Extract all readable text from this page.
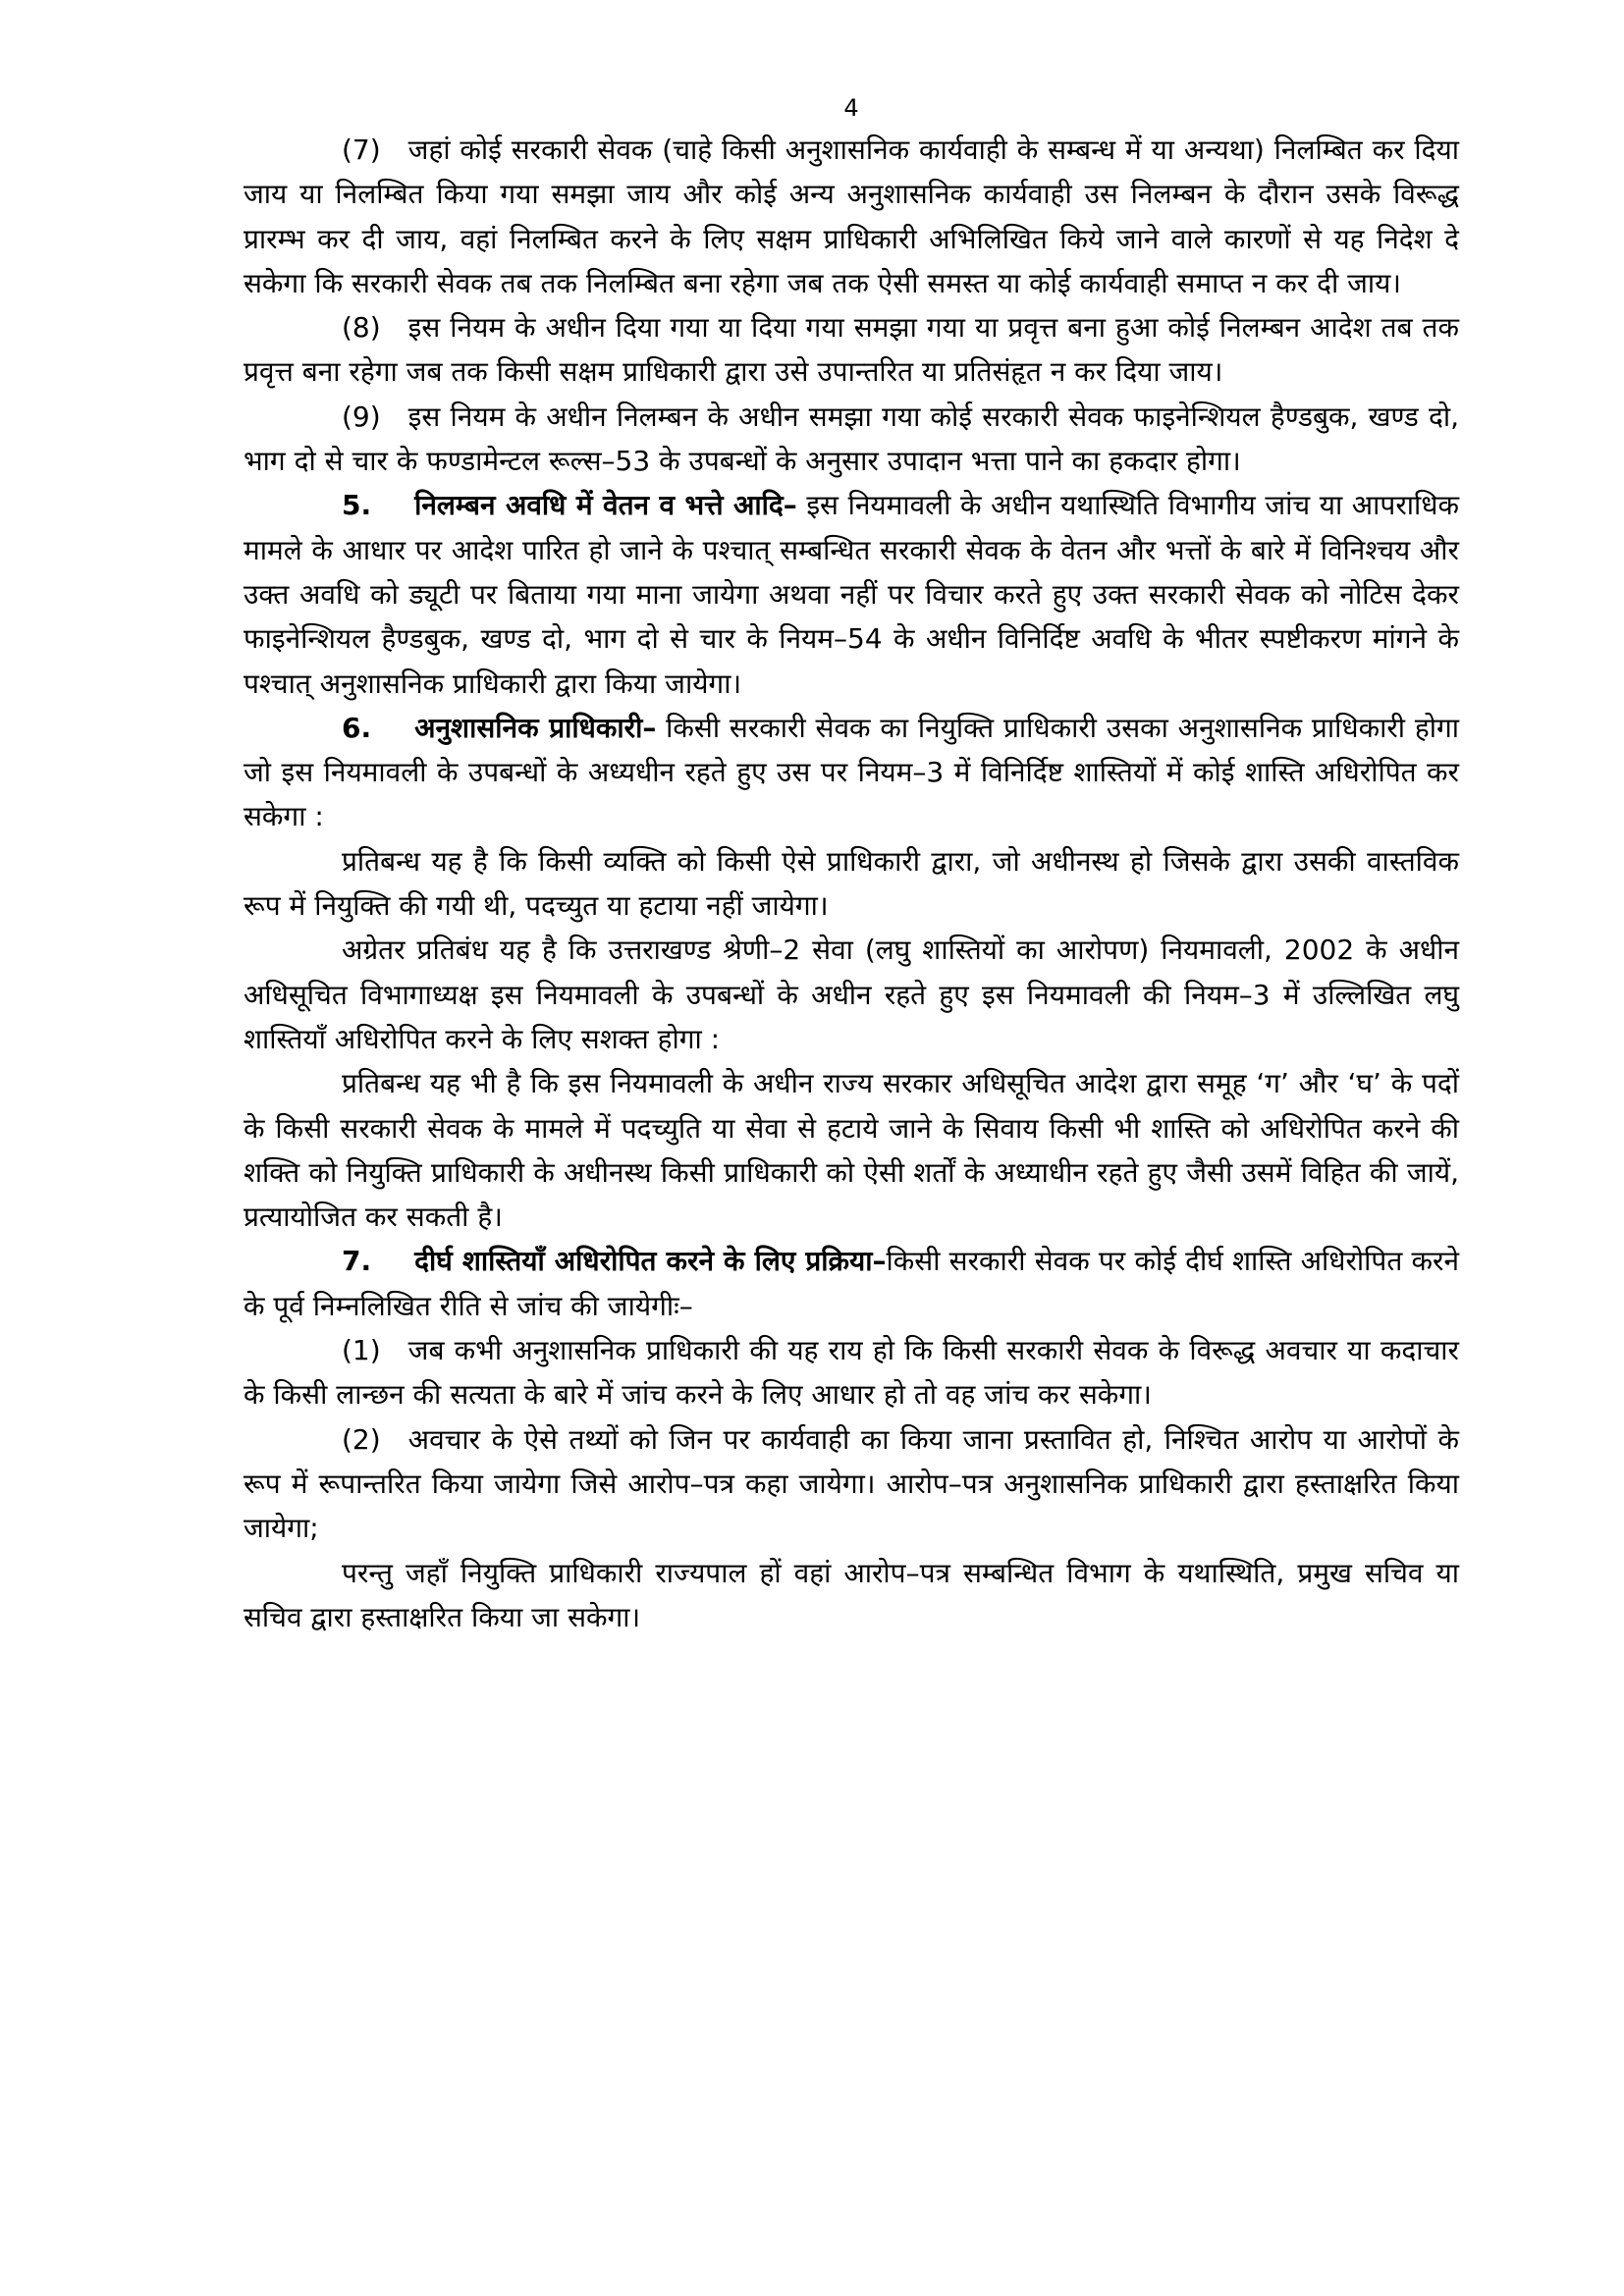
4

(7) जहां कोई सरकारी सेवक (चाहे किसी अनुशासनिक कार्यवाही के सम्बन्ध में या अन्यथा) निलम्बित कर दिया जाय या निलम्बित किया गया समझा जाय और कोई अन्य अनुशासनिक कार्यवाही उस निलम्बन के दौरान उसके विरूद्ध प्रारम्भ कर दी जाय, वहां निलम्बित करने के लिए सक्षम प्राधिकारी अभिलिखित किये जाने वाले कारणों से यह निदेश दे सकेगा कि सरकारी सेवक तब तक निलम्बित बना रहेगा जब तक ऐसी समस्त या कोई कार्यवाही समाप्त न कर दी जाय।

(8) इस नियम के अधीन दिया गया या दिया गया समझा गया या प्रवृत्त बना हुआ कोई निलम्बन आदेश तब तक प्रवृत्त बना रहेगा जब तक किसी सक्षम प्राधिकारी द्वारा उसे उपान्तरित या प्रतिसंहृत न कर दिया जाय।

(9) इस नियम के अधीन निलम्बन के अधीन समझा गया कोई सरकारी सेवक फाइनेन्शियल हैण्डबुक, खण्ड दो, भाग दो से चार के फण्डामेन्टल रूल्स–53 के उपबन्धों के अनुसार उपादान भत्ता पाने का हकदार होगा।

5. निलम्बन अवधि में वेतन व भत्ते आदि– इस नियमावली के अधीन यथास्थिति विभागीय जांच या आपराधिक मामले के आधार पर आदेश पारित हो जाने के पश्चात् सम्बन्धित सरकारी सेवक के वेतन और भत्तों के बारे में विनिश्चय और उक्त अवधि को ड्यूटी पर बिताया गया माना जायेगा अथवा नहीं पर विचार करते हुए उक्त सरकारी सेवक को नोटिस देकर फाइनेन्शियल हैण्डबुक, खण्ड दो, भाग दो से चार के नियम–54 के अधीन विनिर्दिष्ट अवधि के भीतर स्पष्टीकरण मांगने के पश्चात् अनुशासनिक प्राधिकारी द्वारा किया जायेगा।

6. अनुशासनिक प्राधिकारी– किसी सरकारी सेवक का नियुक्ति प्राधिकारी उसका अनुशासनिक प्राधिकारी होगा जो इस नियमावली के उपबन्धों के अध्यधीन रहते हुए उस पर नियम–3 में विनिर्दिष्ट शास्तियों में कोई शास्ति अधिरोपित कर सकेगा :

प्रतिबन्ध यह है कि किसी व्यक्ति को किसी ऐसे प्राधिकारी द्वारा, जो अधीनस्थ हो जिसके द्वारा उसकी वास्तविक रूप में नियुक्ति की गयी थी, पदच्युत या हटाया नहीं जायेगा।

अग्रेतर प्रतिबंध यह है कि उत्तराखण्ड श्रेणी–2 सेवा (लघु शास्तियों का आरोपण) नियमावली, 2002 के अधीन अधिसूचित विभागाध्यक्ष इस नियमावली के उपबन्धों के अधीन रहते हुए इस नियमावली की नियम–3 में उल्लिखित लघु शास्तियाँ अधिरोपित करने के लिए सशक्त होगा :

प्रतिबन्ध यह भी है कि इस नियमावली के अधीन राज्य सरकार अधिसूचित आदेश द्वारा समूह ‘ग’ और ‘घ’ के पदों के किसी सरकारी सेवक के मामले में पदच्युति या सेवा से हटाये जाने के सिवाय किसी भी शास्ति को अधिरोपित करने की शक्ति को नियुक्ति प्राधिकारी के अधीनस्थ किसी प्राधिकारी को ऐसी शर्तों के अध्याधीन रहते हुए जैसी उसमें विहित की जायें, प्रत्यायोजित कर सकती है।

7. दीर्घ शास्तियाँ अधिरोपित करने के लिए प्रक्रिया–किसी सरकारी सेवक पर कोई दीर्घ शास्ति अधिरोपित करने के पूर्व निम्नलिखित रीति से जांच की जायेगीः–

(1) जब कभी अनुशासनिक प्राधिकारी की यह राय हो कि किसी सरकारी सेवक के विरूद्ध अवचार या कदाचार के किसी लान्छन की सत्यता के बारे में जांच करने के लिए आधार हो तो वह जांच कर सकेगा।

(2) अवचार के ऐसे तथ्यों को जिन पर कार्यवाही का किया जाना प्रस्तावित हो, निश्चित आरोप या आरोपों के रूप में रूपान्तरित किया जायेगा जिसे आरोप–पत्र कहा जायेगा। आरोप–पत्र अनुशासनिक प्राधिकारी द्वारा हस्ताक्षरित किया जायेगा;

परन्तु जहाँ नियुक्ति प्राधिकारी राज्यपाल हों वहां आरोप–पत्र सम्बन्धित विभाग के यथास्थिति, प्रमुख सचिव या सचिव द्वारा हस्ताक्षरित किया जा सकेगा।
